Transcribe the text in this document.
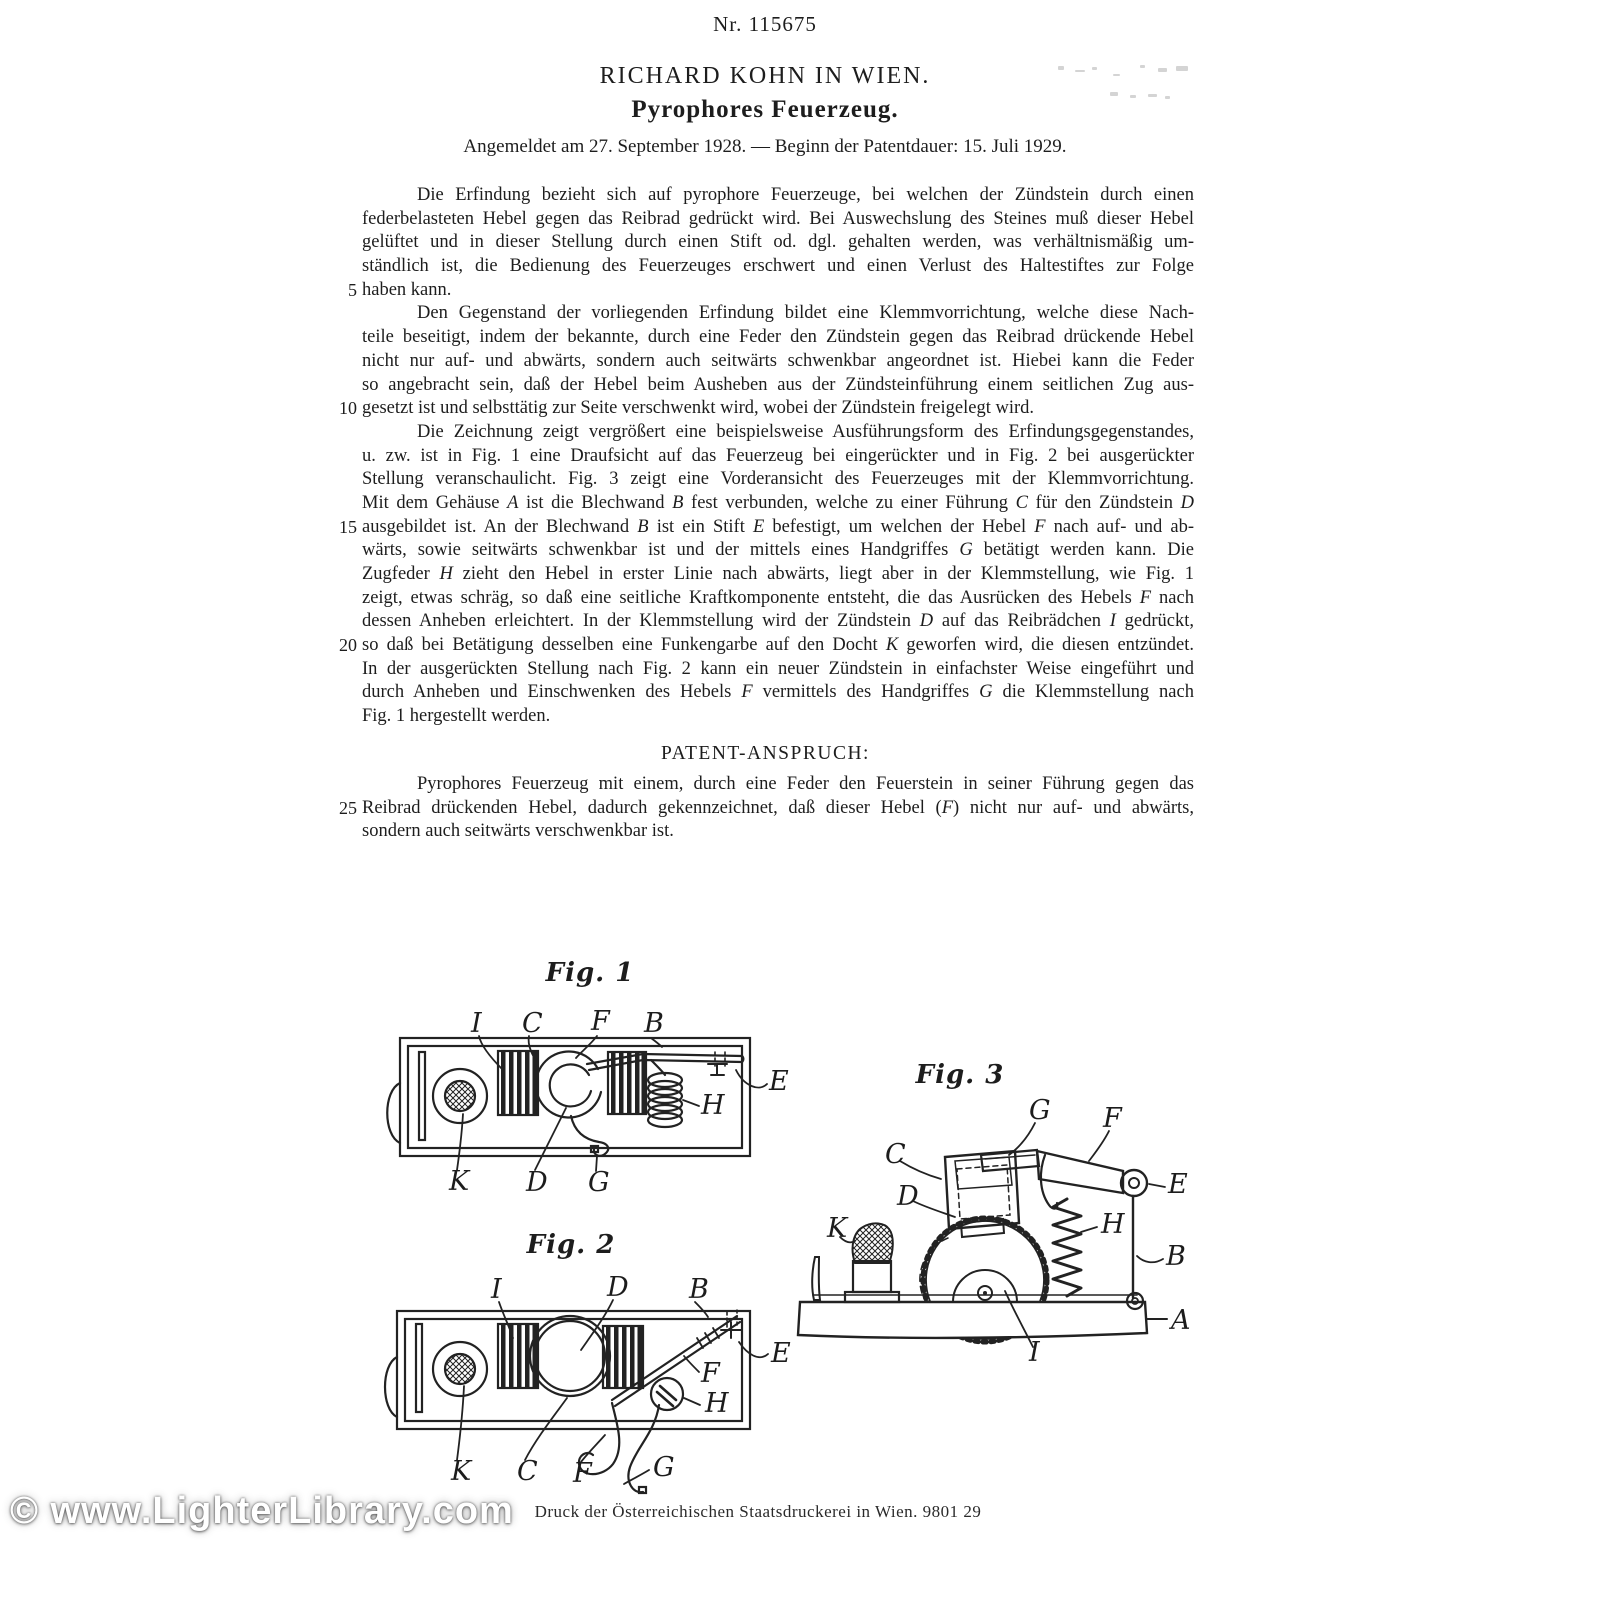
Nr. 115675
RICHARD KOHN IN WIEN.
Pyrophores Feuerzeug.
Angemeldet am 27. September 1928. — Beginn der Patentdauer: 15. Juli 1929.
Die Erfindung bezieht sich auf pyrophore Feuerzeuge, bei welchen der Zündstein durch einen
federbelasteten Hebel gegen das Reibrad gedrückt wird. Bei Auswechslung des Steines muß dieser Hebel
gelüftet und in dieser Stellung durch einen Stift od. dgl. gehalten werden, was verhältnismäßig um-
ständlich ist, die Bedienung des Feuerzeuges erschwert und einen Verlust des Haltestiftes zur Folge
5 haben kann.
Den Gegenstand der vorliegenden Erfindung bildet eine Klemmvorrichtung, welche diese Nach-
teile beseitigt, indem der bekannte, durch eine Feder den Zündstein gegen das Reibrad drückende Hebel
nicht nur auf- und abwärts, sondern auch seitwärts schwenkbar angeordnet ist. Hiebei kann die Feder
so angebracht sein, daß der Hebel beim Ausheben aus der Zündsteinführung einem seitlichen Zug aus-
10 gesetzt ist und selbsttätig zur Seite verschwenkt wird, wobei der Zündstein freigelegt wird.
Die Zeichnung zeigt vergrößert eine beispielsweise Ausführungsform des Erfindungsgegenstandes,
u. zw. ist in Fig. 1 eine Draufsicht auf das Feuerzeug bei eingerückter und in Fig. 2 bei ausgerückter
Stellung veranschaulicht. Fig. 3 zeigt eine Vorderansicht des Feuerzeuges mit der Klemmvorrichtung.
Mit dem Gehäuse A ist die Blechwand B fest verbunden, welche zu einer Führung C für den Zündstein D
15 ausgebildet ist. An der Blechwand B ist ein Stift E befestigt, um welchen der Hebel F nach auf- und ab-
wärts, sowie seitwärts schwenkbar ist und der mittels eines Handgriffes G betätigt werden kann. Die
Zugfeder H zieht den Hebel in erster Linie nach abwärts, liegt aber in der Klemmstellung, wie Fig. 1
zeigt, etwas schräg, so daß eine seitliche Kraftkomponente entsteht, die das Ausrücken des Hebels F nach
dessen Anheben erleichtert. In der Klemmstellung wird der Zündstein D auf das Reibrädchen I gedrückt,
20 so daß bei Betätigung desselben eine Funkengarbe auf den Docht K geworfen wird, die diesen entzündet.
In der ausgerückten Stellung nach Fig. 2 kann ein neuer Zündstein in einfachster Weise eingeführt und
durch Anheben und Einschwenken des Hebels F vermittels des Handgriffes G die Klemmstellung nach
Fig. 1 hergestellt werden.
PATENT-ANSPRUCH:
Pyrophores Feuerzeug mit einem, durch eine Feder den Feuerstein in seiner Führung gegen das
25 Reibrad drückenden Hebel, dadurch gekennzeichnet, daß dieser Hebel (F) nicht nur auf- und abwärts,
sondern auch seitwärts verschwenkbar ist.
Fig. 1
I C F B
E
H
K D G
Fig. 2
I	D B
E
F
H
K C F G
Fig. 3
G F
C
E
D
K	H
B
A
I
© www.LighterLibrary.com	Druck der Österreichischen Staatsdruckerei in Wien. 9801 29
